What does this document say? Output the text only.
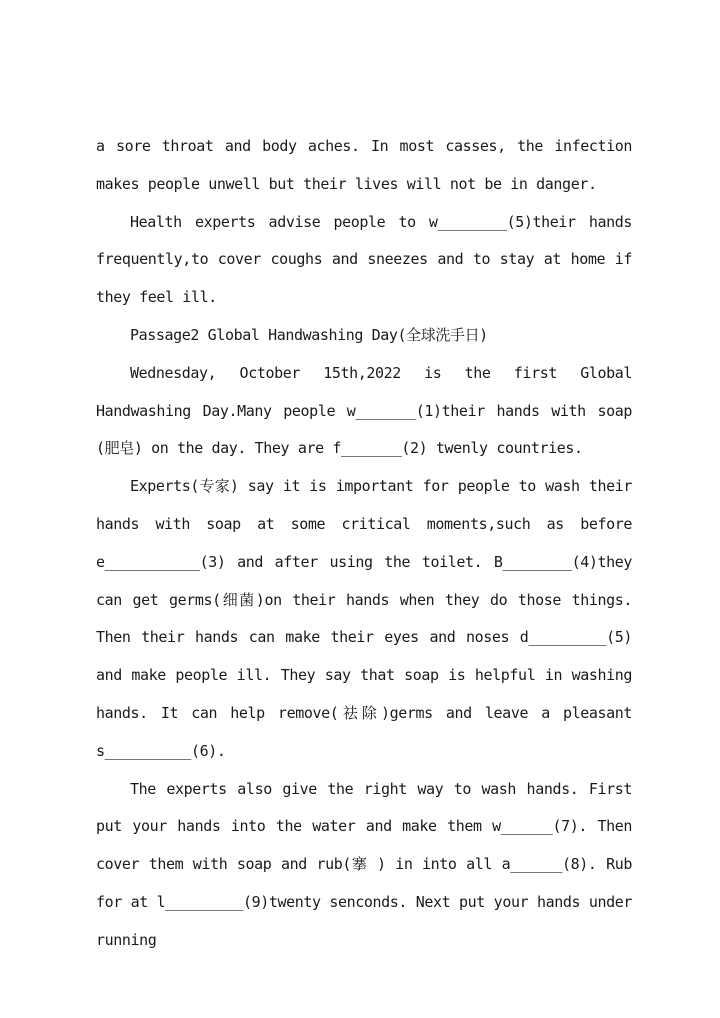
a sore throat and body aches. In most casses, the infection makes people unwell but their lives will not be in danger.

Health experts advise people to w________(5)their hands frequently,to cover coughs and sneezes and to stay at home if they feel ill.

Passage2 Global Handwashing Day(全球洗手日)

Wednesday, October 15th,2022 is the first Global Handwashing Day.Many people w_______(1)their hands with soap (肥皂) on the day. They are f_______(2) twenly countries.

Experts(专家) say it is important for people to wash their hands with soap at some critical moments,such as before e___________(3) and after using the toilet. B________(4)they can get germs(细菌)on their hands when they do those things. Then their hands can make their eyes and noses d_________(5) and make people ill. They say that soap is helpful in washing hands. It can help remove(祛除)germs and leave a pleasant s__________(6).

The experts also give the right way to wash hands. First put your hands into the water and make them w______(7). Then cover them with soap and rub(搴 ) in into all a______(8). Rub for at l_________(9)twenty senconds. Next put your hands under running
